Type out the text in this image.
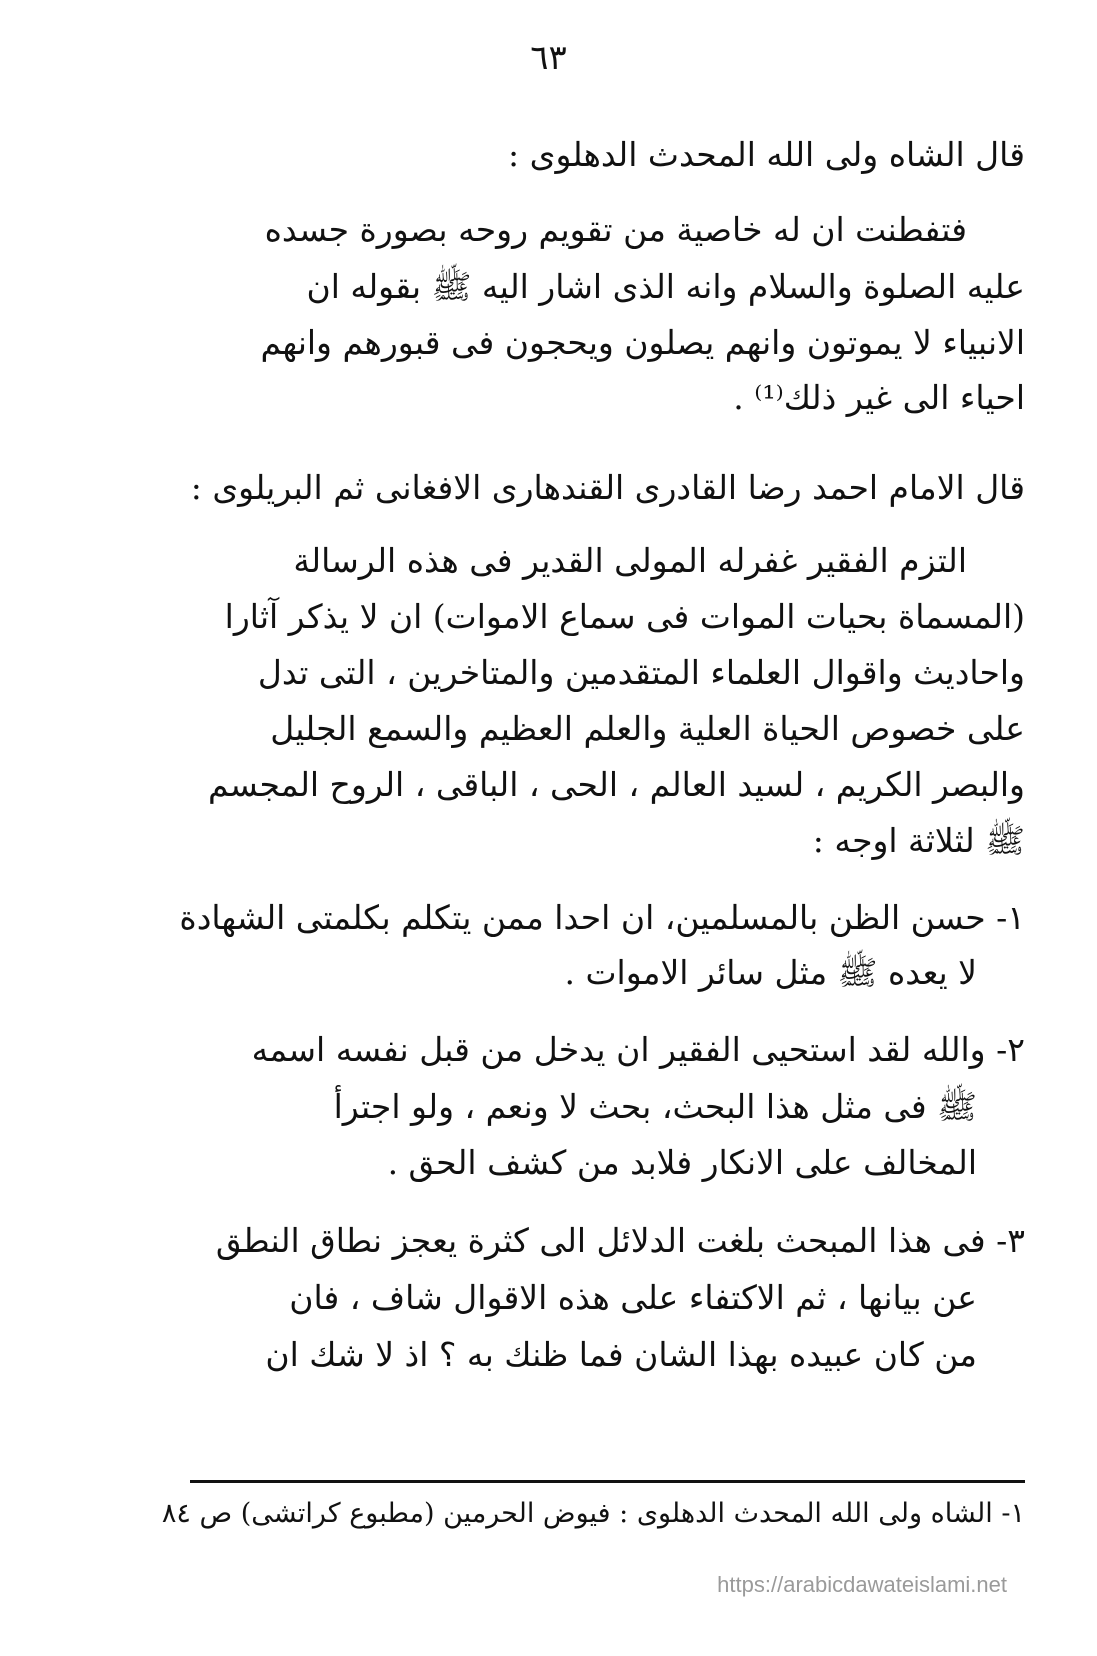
٦٣
قال الشاه ولى الله المحدث الدهلوى :
فتفطنت ان له خاصية من تقويم روحه بصورة جسده
عليه الصلوة والسلام وانه الذى اشار اليه ﷺ بقوله ان
الانبياء لا يموتون وانهم يصلون ويحجون فى قبورهم وانهم
احياء الى غير ذلك⁽¹⁾ .
قال الامام احمد رضا القادرى القندهارى الافغانى ثم البريلوى :
التزم الفقير غفرله المولى القدير فى هذه الرسالة
(المسماة بحيات الموات فى سماع الاموات) ان لا يذكر آثارا
واحاديث واقوال العلماء المتقدمين والمتاخرين ، التى تدل
على خصوص الحياة العلية والعلم العظيم والسمع الجليل
والبصر الكريم ، لسيد العالم ، الحى ، الباقى ، الروح المجسم
ﷺ لثلاثة اوجه :
١- حسن الظن بالمسلمين، ان احدا ممن يتكلم بكلمتى الشهادة
لا يعده ﷺ مثل سائر الاموات .
٢- والله لقد استحيى الفقير ان يدخل من قبل نفسه اسمه
ﷺ فى مثل هذا البحث، بحث لا ونعم ، ولو اجترأ
المخالف على الانكار فلابد من كشف الحق .
٣- فى هذا المبحث بلغت الدلائل الى كثرة يعجز نطاق النطق
عن بيانها ، ثم الاكتفاء على هذه الاقوال شاف ، فان
من كان عبيده بهذا الشان فما ظنك به ؟ اذ لا شك ان
١- الشاه ولى الله المحدث الدهلوى : فيوض الحرمين (مطبوع كراتشى) ص ٨٤
https://arabicdawateislami.net
